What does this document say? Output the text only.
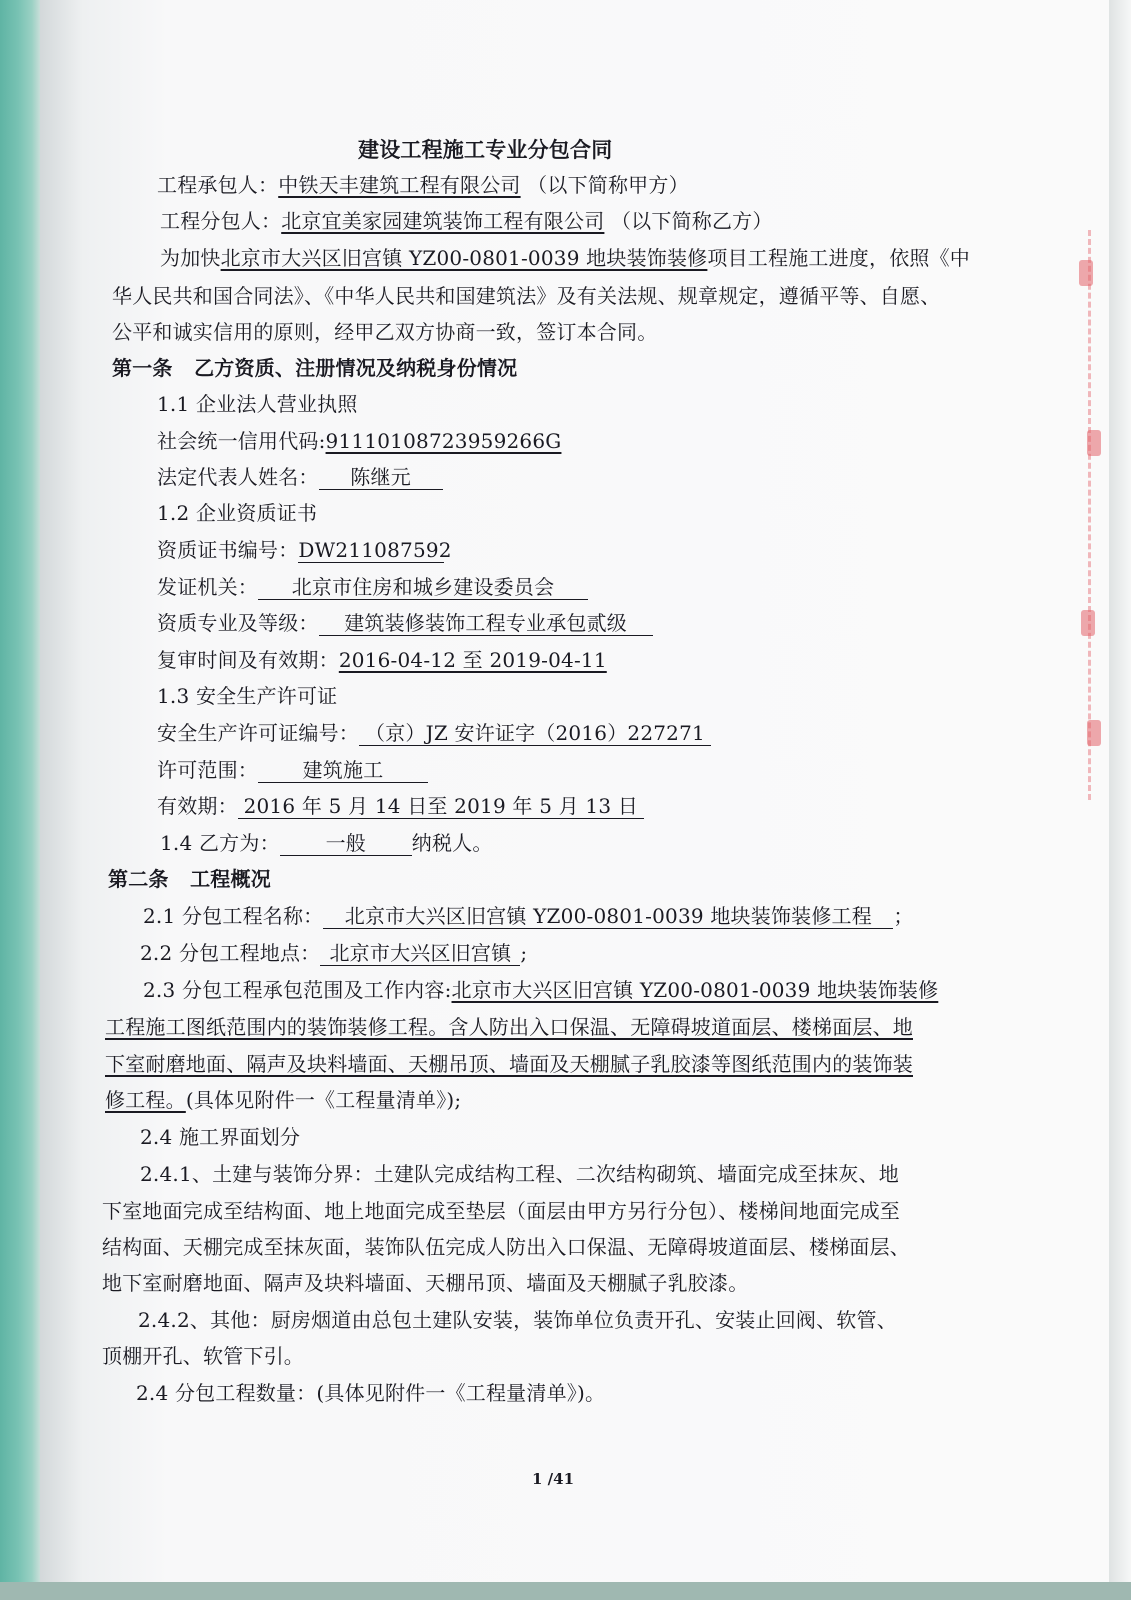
建设工程施工专业分包合同
工程承包人：中铁天丰建筑工程有限公司 （以下简称甲方）
工程分包人：北京宜美家园建筑装饰工程有限公司 （以下简称乙方）
为加快北京市大兴区旧宫镇 YZ00-0801-0039 地块装饰装修项目工程施工进度，依照《中
华人民共和国合同法》、《中华人民共和国建筑法》及有关法规、规章规定，遵循平等、自愿、
公平和诚实信用的原则，经甲乙双方协商一致，签订本合同。
第一条 乙方资质、注册情况及纳税身份情况
1.1 企业法人营业执照
社会统一信用代码:91110108723959266G
法定代表人姓名： 陈继元
1.2 企业资质证书
资质证书编号：DW211087592
发证机关： 北京市住房和城乡建设委员会
资质专业及等级： 建筑装修装饰工程专业承包贰级
复审时间及有效期：2016-04-12 至 2019-04-11
1.3 安全生产许可证
安全生产许可证编号： （京）JZ 安许证字（2016）227271
许可范围： 建筑施工
有效期： 2016 年 5 月 14 日至 2019 年 5 月 13 日
1.4 乙方为： 一般 纳税人。
第二条 工程概况
2.1 分包工程名称： 北京市大兴区旧宫镇 YZ00-0801-0039 地块装饰装修工程 ；
2.2 分包工程地点： 北京市大兴区旧宫镇 ;
2.3 分包工程承包范围及工作内容:北京市大兴区旧宫镇 YZ00-0801-0039 地块装饰装修
工程施工图纸范围内的装饰装修工程。含人防出入口保温、无障碍坡道面层、楼梯面层、地
下室耐磨地面、隔声及块料墙面、天棚吊顶、墙面及天棚腻子乳胶漆等图纸范围内的装饰装
修工程。(具体见附件一《工程量清单》);
2.4 施工界面划分
2.4.1、土建与装饰分界：土建队完成结构工程、二次结构砌筑、墙面完成至抹灰、地
下室地面完成至结构面、地上地面完成至垫层（面层由甲方另行分包）、楼梯间地面完成至
结构面、天棚完成至抹灰面，装饰队伍完成人防出入口保温、无障碍坡道面层、楼梯面层、
地下室耐磨地面、隔声及块料墙面、天棚吊顶、墙面及天棚腻子乳胶漆。
2.4.2、其他：厨房烟道由总包土建队安装，装饰单位负责开孔、安装止回阀、软管、
顶棚开孔、软管下引。
2.4 分包工程数量：(具体见附件一《工程量清单》)。
1 /41
